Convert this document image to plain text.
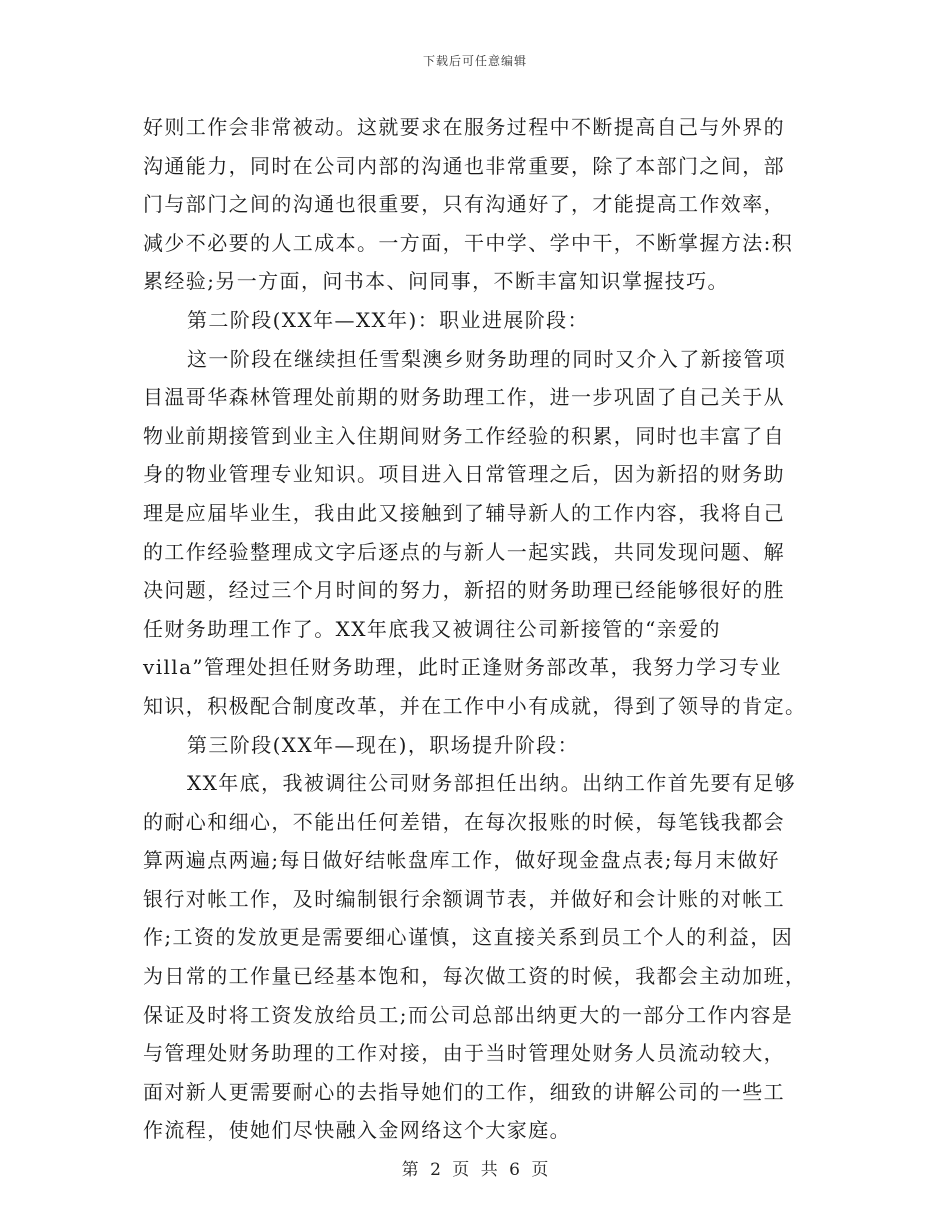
下载后可任意编辑
好则工作会非常被动。这就要求在服务过程中不断提高自己与外界的
沟通能力，同时在公司内部的沟通也非常重要，除了本部门之间，部
门与部门之间的沟通也很重要，只有沟通好了，才能提高工作效率，
减少不必要的人工成本。一方面，干中学、学中干，不断掌握方法:积
累经验;另一方面，问书本、问同事，不断丰富知识掌握技巧。
第二阶段(XX年—XX年)：职业进展阶段：
这一阶段在继续担任雪梨澳乡财务助理的同时又介入了新接管项
目温哥华森林管理处前期的财务助理工作，进一步巩固了自己关于从
物业前期接管到业主入住期间财务工作经验的积累，同时也丰富了自
身的物业管理专业知识。项目进入日常管理之后，因为新招的财务助
理是应届毕业生，我由此又接触到了辅导新人的工作内容，我将自己
的工作经验整理成文字后逐点的与新人一起实践，共同发现问题、解
决问题，经过三个月时间的努力，新招的财务助理已经能够很好的胜
任财务助理工作了。XX年底我又被调往公司新接管的“亲爱的
villa”管理处担任财务助理，此时正逢财务部改革，我努力学习专业
知识，积极配合制度改革，并在工作中小有成就，得到了领导的肯定。
第三阶段(XX年—现在)，职场提升阶段：
XX年底，我被调往公司财务部担任出纳。出纳工作首先要有足够
的耐心和细心，不能出任何差错，在每次报账的时候，每笔钱我都会
算两遍点两遍;每日做好结帐盘库工作，做好现金盘点表;每月末做好
银行对帐工作，及时编制银行余额调节表，并做好和会计账的对帐工
作;工资的发放更是需要细心谨慎，这直接关系到员工个人的利益，因
为日常的工作量已经基本饱和，每次做工资的时候，我都会主动加班，
保证及时将工资发放给员工;而公司总部出纳更大的一部分工作内容是
与管理处财务助理的工作对接，由于当时管理处财务人员流动较大，
面对新人更需要耐心的去指导她们的工作，细致的讲解公司的一些工
作流程，使她们尽快融入金网络这个大家庭。
第 2 页 共 6 页
